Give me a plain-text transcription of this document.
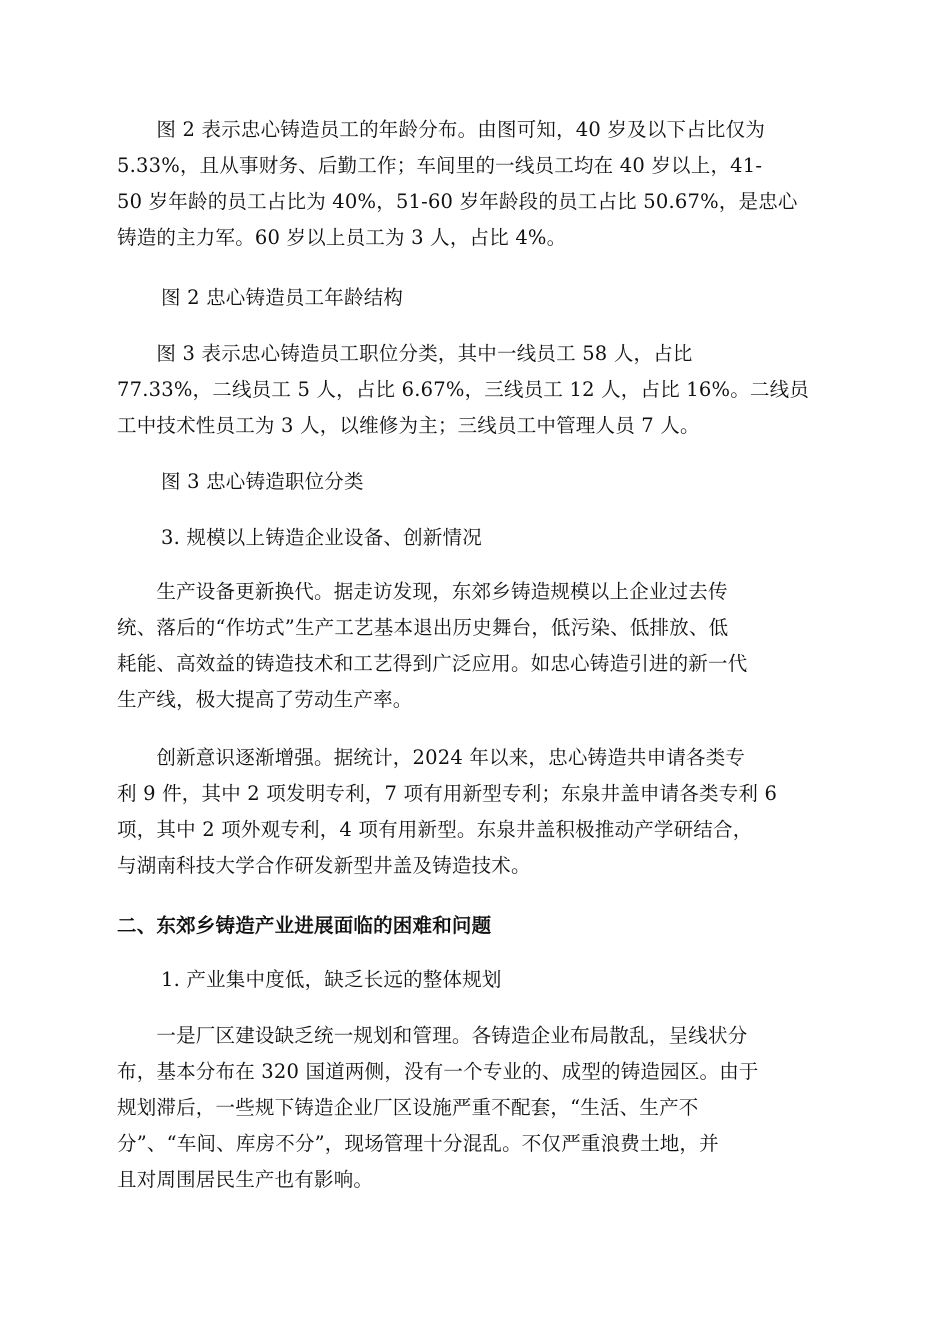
　　图 2 表示忠心铸造员工的年龄分布。由图可知，40 岁及以下占比仅为
5.33%，且从事财务、后勤工作；车间里的一线员工均在 40 岁以上，41-
50 岁年龄的员工占比为 40%，51-60 岁年龄段的员工占比 50.67%，是忠心
铸造的主力军。60 岁以上员工为 3 人，占比 4%。
图 2 忠心铸造员工年龄结构
　　图 3 表示忠心铸造员工职位分类，其中一线员工 58 人，占比
77.33%，二线员工 5 人，占比 6.67%，三线员工 12 人，占比 16%。二线员
工中技术性员工为 3 人，以维修为主；三线员工中管理人员 7 人。
图 3 忠心铸造职位分类
3. 规模以上铸造企业设备、创新情况
　　生产设备更新换代。据走访发现，东郊乡铸造规模以上企业过去传
统、落后的“作坊式”生产工艺基本退出历史舞台，低污染、低排放、低
耗能、高效益的铸造技术和工艺得到广泛应用。如忠心铸造引进的新一代
生产线，极大提高了劳动生产率。
　　创新意识逐渐增强。据统计，2024 年以来，忠心铸造共申请各类专
利 9 件，其中 2 项发明专利，7 项有用新型专利；东泉井盖申请各类专利 6
项，其中 2 项外观专利，4 项有用新型。东泉井盖积极推动产学研结合，
与湖南科技大学合作研发新型井盖及铸造技术。
二、东郊乡铸造产业进展面临的困难和问题
1. 产业集中度低，缺乏长远的整体规划
　　一是厂区建设缺乏统一规划和管理。各铸造企业布局散乱，呈线状分
布，基本分布在 320 国道两侧，没有一个专业的、成型的铸造园区。由于
规划滞后，一些规下铸造企业厂区设施严重不配套，“生活、生产不
分”、“车间、库房不分”，现场管理十分混乱。不仅严重浪费土地，并
且对周围居民生产也有影响。
